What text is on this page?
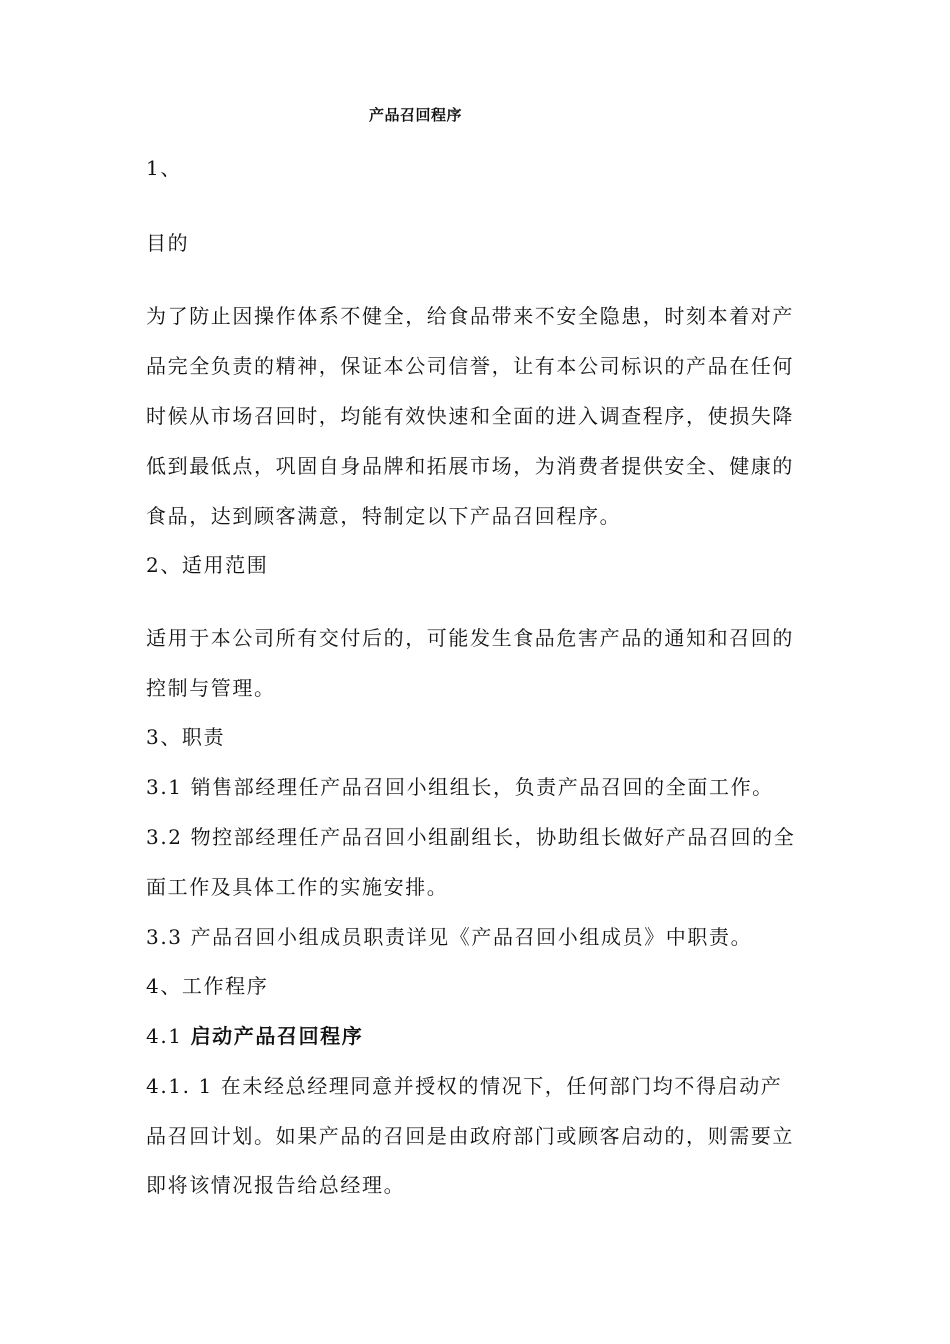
产品召回程序
1、
目的
为了防止因操作体系不健全，给食品带来不安全隐患，时刻本着对产
品完全负责的精神，保证本公司信誉，让有本公司标识的产品在任何
时候从市场召回时，均能有效快速和全面的进入调查程序，使损失降
低到最低点，巩固自身品牌和拓展市场，为消费者提供安全、健康的
食品，达到顾客满意，特制定以下产品召回程序。
2、适用范围
适用于本公司所有交付后的，可能发生食品危害产品的通知和召回的
控制与管理。
3、职责
3.1 销售部经理任产品召回小组组长，负责产品召回的全面工作。
3.2 物控部经理任产品召回小组副组长，协助组长做好产品召回的全
面工作及具体工作的实施安排。
3.3 产品召回小组成员职责详见《产品召回小组成员》中职责。
4、工作程序
4.1 启动产品召回程序
4.1. 1 在未经总经理同意并授权的情况下，任何部门均不得启动产
品召回计划。如果产品的召回是由政府部门或顾客启动的，则需要立
即将该情况报告给总经理。
